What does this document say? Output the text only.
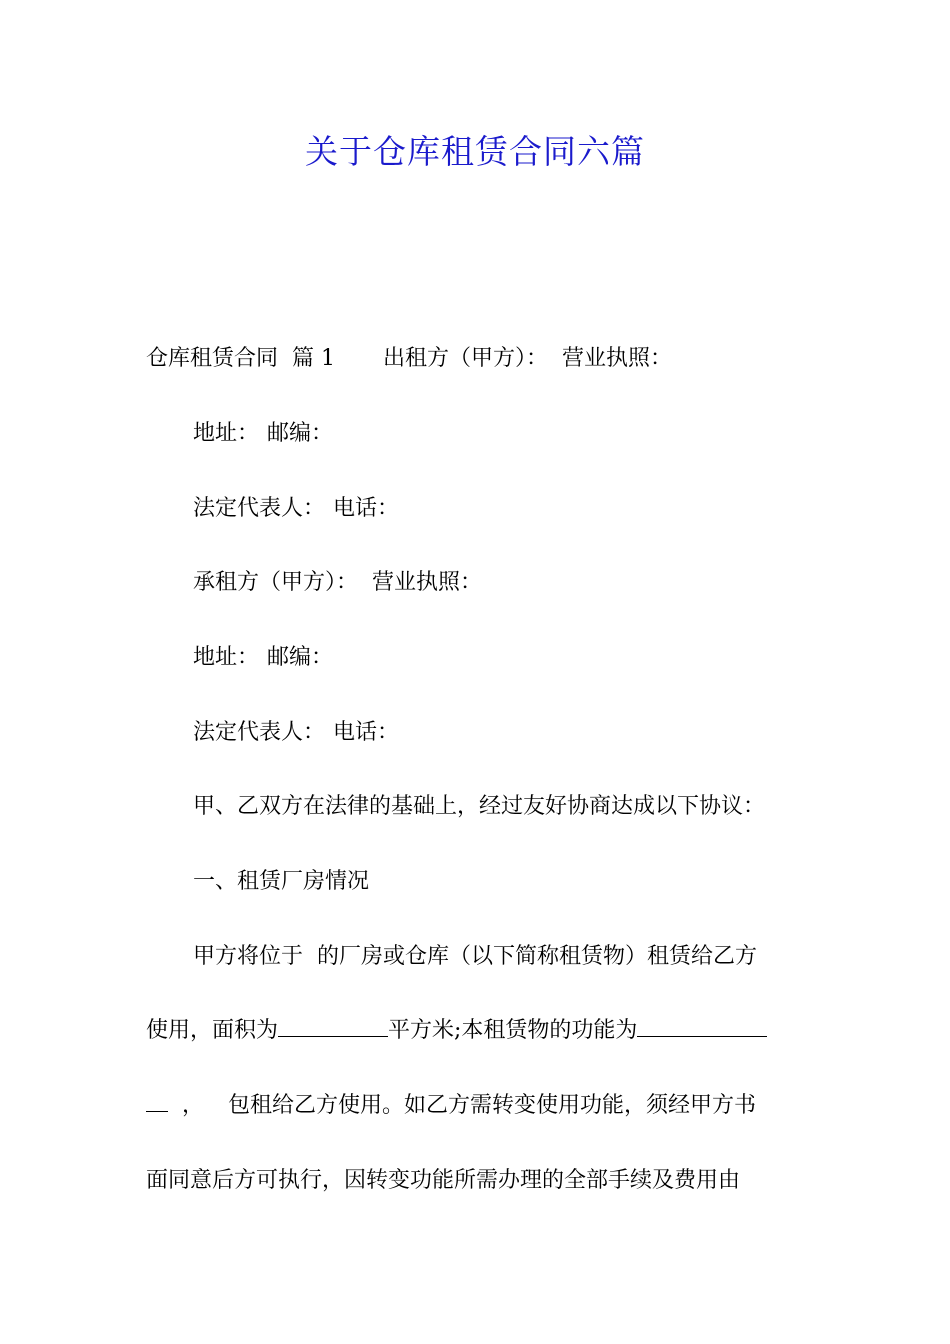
关于仓库租赁合同六篇

仓库租赁合同 篇 1 出租方（甲方）： 营业执照：

地址： 邮编：

法定代表人： 电话：

承租方（甲方）： 营业执照：

地址： 邮编：

法定代表人： 电话：

甲、乙双方在法律的基础上，经过友好协商达成以下协议：

一、租赁厂房情况

甲方将位于 的厂房或仓库（以下简称租赁物）租赁给乙方

使用，面积为	平方米;本租赁物的功能为

， 包租给乙方使用。如乙方需转变使用功能，须经甲方书

面同意后方可执行，因转变功能所需办理的全部手续及费用由
